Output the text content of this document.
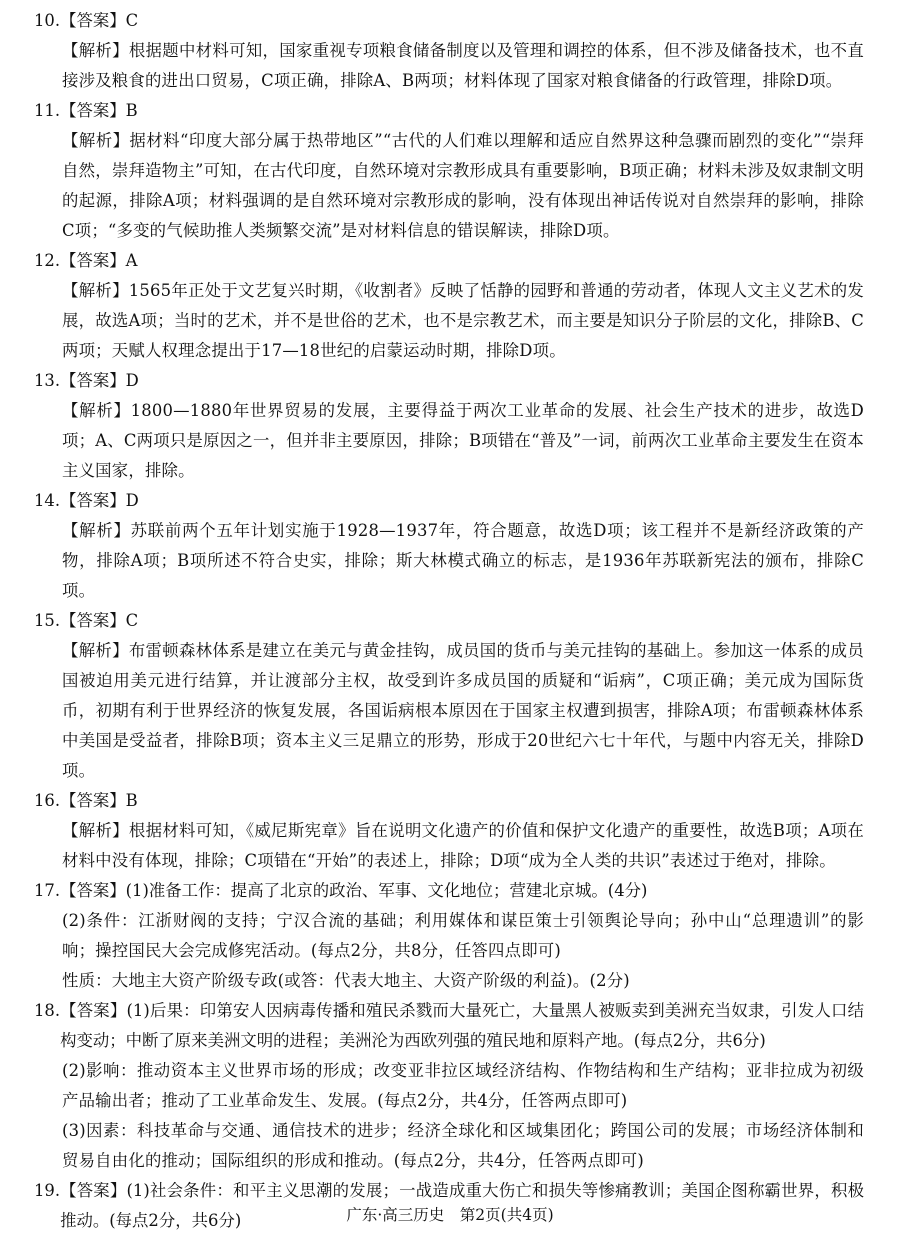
10.【答案】C
【解析】根据题中材料可知，国家重视专项粮食储备制度以及管理和调控的体系，但不涉及储备技术，也不直接涉及粮食的进出口贸易，C项正确，排除A、B两项；材料体现了国家对粮食储备的行政管理，排除D项。
11.【答案】B
【解析】据材料“印度大部分属于热带地区”“古代的人们难以理解和适应自然界这种急骤而剧烈的变化”“崇拜自然，崇拜造物主”可知，在古代印度，自然环境对宗教形成具有重要影响，B项正确；材料未涉及奴隶制文明的起源，排除A项；材料强调的是自然环境对宗教形成的影响，没有体现出神话传说对自然崇拜的影响，排除C项；“多变的气候助推人类频繁交流”是对材料信息的错误解读，排除D项。
12.【答案】A
【解析】1565年正处于文艺复兴时期，《收割者》反映了恬静的园野和普通的劳动者，体现人文主义艺术的发展，故选A项；当时的艺术，并不是世俗的艺术，也不是宗教艺术，而主要是知识分子阶层的文化，排除B、C两项；天赋人权理念提出于17—18世纪的启蒙运动时期，排除D项。
13.【答案】D
【解析】1800—1880年世界贸易的发展，主要得益于两次工业革命的发展、社会生产技术的进步，故选D项；A、C两项只是原因之一，但并非主要原因，排除；B项错在“普及”一词，前两次工业革命主要发生在资本主义国家，排除。
14.【答案】D
【解析】苏联前两个五年计划实施于1928—1937年，符合题意，故选D项；该工程并不是新经济政策的产物，排除A项；B项所述不符合史实，排除；斯大林模式确立的标志，是1936年苏联新宪法的颁布，排除C项。
15.【答案】C
【解析】布雷顿森林体系是建立在美元与黄金挂钩，成员国的货币与美元挂钩的基础上。参加这一体系的成员国被迫用美元进行结算，并让渡部分主权，故受到许多成员国的质疑和“诟病”，C项正确；美元成为国际货币，初期有利于世界经济的恢复发展，各国诟病根本原因在于国家主权遭到损害，排除A项；布雷顿森林体系中美国是受益者，排除B项；资本主义三足鼎立的形势，形成于20世纪六七十年代，与题中内容无关，排除D项。
16.【答案】B
【解析】根据材料可知，《威尼斯宪章》旨在说明文化遗产的价值和保护文化遗产的重要性，故选B项；A项在材料中没有体现，排除；C项错在“开始”的表述上，排除；D项“成为全人类的共识”表述过于绝对，排除。
17.【答案】(1)准备工作：提高了北京的政治、军事、文化地位；营建北京城。(4分)
(2)条件：江浙财阀的支持；宁汉合流的基础；利用媒体和谋臣策士引领舆论导向；孙中山“总理遗训”的影响；操控国民大会完成修宪活动。(每点2分，共8分，任答四点即可)
性质：大地主大资产阶级专政(或答：代表大地主、大资产阶级的利益)。(2分)
18. 【答案】(1)后果：印第安人因病毒传播和殖民杀戮而大量死亡，大量黑人被贩卖到美洲充当奴隶，引发人口结构变动；中断了原来美洲文明的进程；美洲沦为西欧列强的殖民地和原料产地。(每点2分，共6分)
(2)影响：推动资本主义世界市场的形成；改变亚非拉区域经济结构、作物结构和生产结构；亚非拉成为初级产品输出者；推动了工业革命发生、发展。(每点2分，共4分，任答两点即可)
(3)因素：科技革命与交通、通信技术的进步；经济全球化和区域集团化；跨国公司的发展；市场经济体制和贸易自由化的推动；国际组织的形成和推动。(每点2分，共4分，任答两点即可)
19. 【答案】(1)社会条件：和平主义思潮的发展；一战造成重大伤亡和损失等惨痛教训；美国企图称霸世界，积极推动。(每点2分，共6分)	广东·高三历史　第2页(共4页)
